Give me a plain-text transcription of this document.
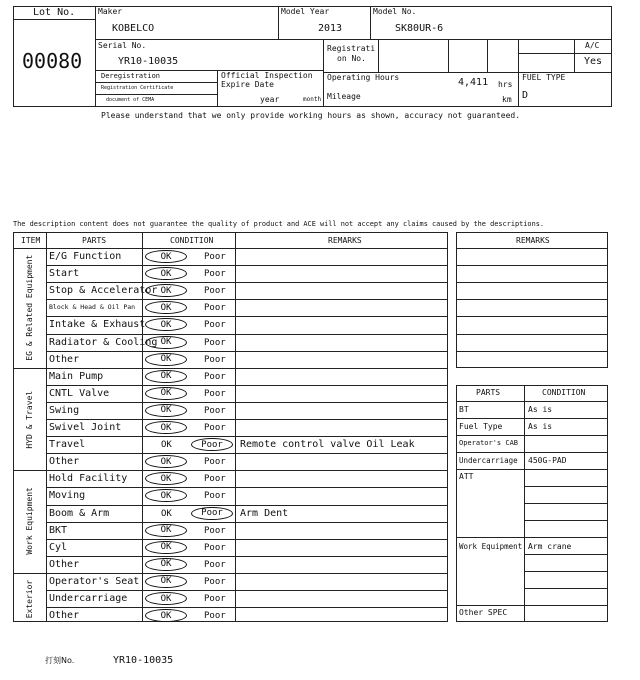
Lot No.
00080
Maker
KOBELCO
Model Year
2013
Model No.
SK80UR-6
Serial No.
YR10-10035
Registrati
on No.
A/C
Yes
Deregistration
Registration Certificate
document of CEMA
Official Inspection
Expire Date
year	month
Operating Hours	4,411 hrs
Mileage	km
FUEL TYPE
D
Please understand that we only provide working hours as shown, accuracy not guaranteed.
The description content does not guarantee the quality of product and ACE will not accept any claims caused by the descriptions.
ITEM	PARTS	CONDITION	REMARKS
EG & Related Equipment	E/G Function	OK	Poor
Start	OK	Poor
Stop & Accelerator OK	Poor
Block & Head & Oil Pan	OK	Poor
Intake & Exhaust	OK	Poor
Radiator & Cooling OK	Poor
Other	OK	Poor
HYD & Travel
Main Pump	OK	Poor
CNTL Valve	OK	Poor
Swing	OK	Poor
Swivel Joint	OK	Poor
Travel	OK	Poor	Remote control valve Oil Leak
Other	OK	Poor
Work Equipment
Hold Facility	OK	Poor
Moving	OK	Poor
Boom & Arm	OK	Poor	Arm Dent
BKT	OK	Poor
Cyl	OK	Poor
Other	OK	Poor
Exterior	Operator's Seat	OK	Poor
Undercarriage	OK	Poor
Other	OK	Poor
REMARKS
PARTS	CONDITION
BT	As is
Fuel Type	As is
Operator's CAB
Undercarriage 450G-PAD
ATT
Work Equipment Arm crane
Other SPEC
打刻No.	YR10-10035
